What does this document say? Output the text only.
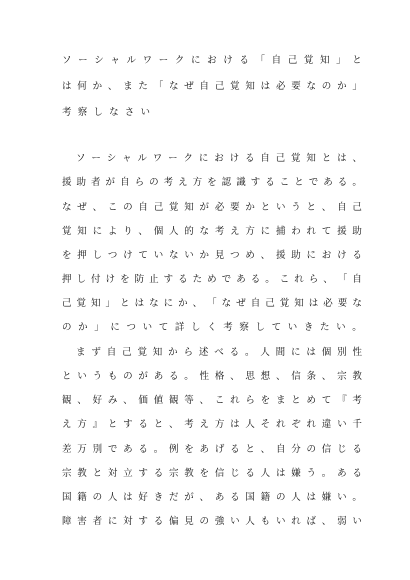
ソ ー シ ャ ル ワ ー ク に お け る 「 自 己 覚 知 」 と
は 何 か 、 ま た 「 な ぜ 自 己 覚 知 は 必 要 な の か 」
考察しなさい
ソ ー シ ャ ル ワ ー ク に お け る 自 己 覚 知 と は 、
援 助 者 が 自 ら の 考 え 方 を 認 識 す る こ と で あ る 。
な ぜ 、 こ の 自 己 覚 知 が 必 要 か と い う と 、 自 己
覚 知 に よ り 、 個 人 的 な 考 え 方 に 捕 わ れ て 援 助
を 押 し つ け て い な い か 見 つ め 、 援 助 に お け る
押 し 付 け を 防 止 す る た め で あ る 。 こ れ ら 、 「 自
己 覚 知 」 と は な に か 、 「 な ぜ 自 己 覚 知 は 必 要 な
の か 」 に つ い て 詳 し く 考 察 し て い き た い 。
ま ず 自 己 覚 知 か ら 述 べ る 。 人 間 に は 個 別 性
と い う も の が あ る 。 性 格 、 思 想 、 信 条 、 宗 教
観 、 好 み 、 価 値 観 等 、 こ れ ら を ま と め て 『 考
え 方 』 と す る と 、 考 え 方 は 人 そ れ ぞ れ 違 い 千
差 万 別 で あ る 。 例 を あ げ る と 、 自 分 の 信 じ る
宗 教 と 対 立 す る 宗 教 を 信 じ る 人 は 嫌 う 。 あ る
国 籍 の 人 は 好 き だ が 、 あ る 国 籍 の 人 は 嫌 い 。
障 害 者 に 対 す る 偏 見 の 強 い 人 も い れ ば 、 弱 い
